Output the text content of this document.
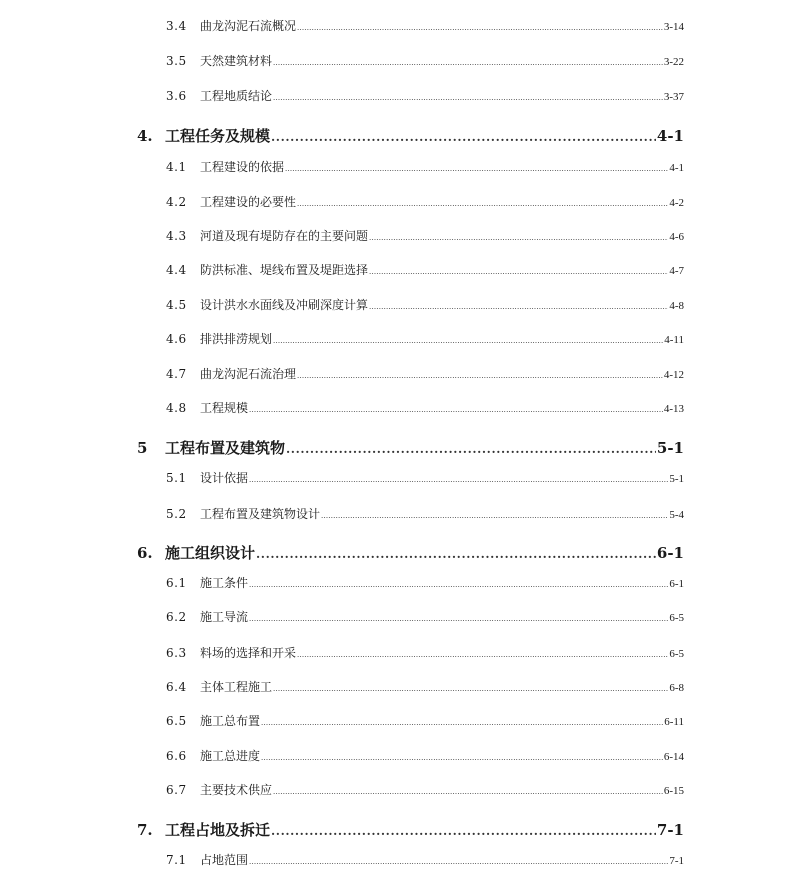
3.4	曲龙沟泥石流概况 .....	3-14
3.5	天然建筑材料 .....	3-22
3.6	工程地质结论 .....	3-37
4. 工程任务及规模 .....	4-1
4.1	工程建设的依据 .....	4-1
4.2	工程建设的必要性 .....	4-2
4.3	河道及现有堤防存在的主要问题 .....	4-6
4.4	防洪标准、堤线布置及堤距选择 .....	4-7
4.5	设计洪水水面线及冲刷深度计算 .....	4-8
4.6	排洪排涝规划 .....	4-11
4.7	曲龙沟泥石流治理 .....	4-12
4.8	工程规模 .....	4-13
5	工程布置及建筑物 .....	5-1
5.1	设计依据 .....	5-1
5.2	工程布置及建筑物设计 .....	5-4
6. 施工组织设计 .....	6-1
6.1	施工条件 .....	6-1
6.2	施工导流 .....	6-5
6.3	料场的选择和开采 .....	6-5
6.4	主体工程施工 .....	6-8
6.5	施工总布置 .....	6-11
6.6	施工总进度 .....	6-14
6.7	主要技术供应 .....	6-15
7. 工程占地及拆迁 .....	7-1
7.1	占地范围 .....	7-1
